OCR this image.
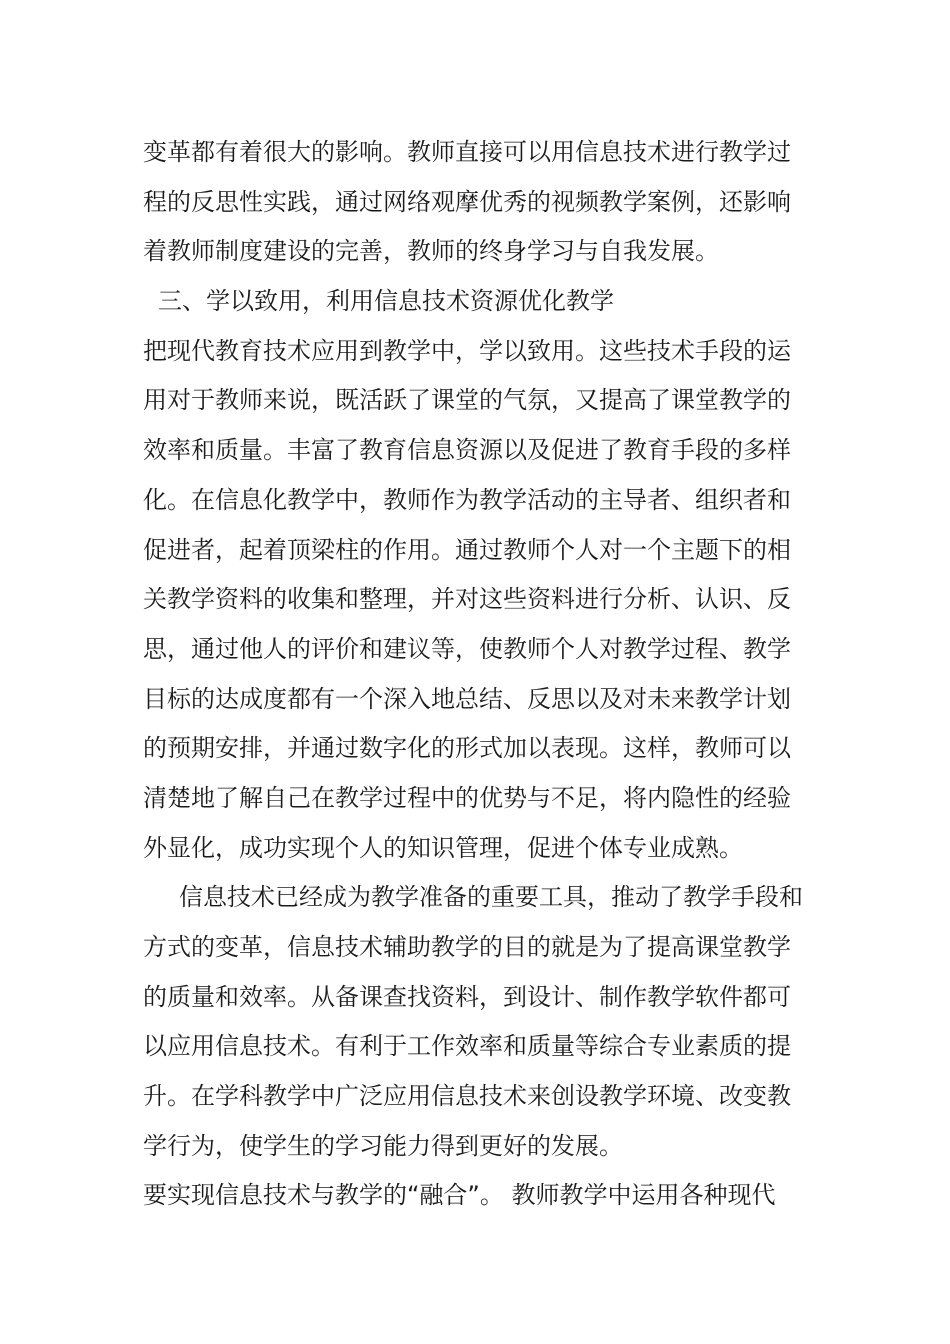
变革都有着很大的影响。教师直接可以用信息技术进行教学过
程的反思性实践，通过网络观摩优秀的视频教学案例，还影响
着教师制度建设的完善，教师的终身学习与自我发展。
三、学以致用，利用信息技术资源优化教学
把现代教育技术应用到教学中，学以致用。这些技术手段的运
用对于教师来说，既活跃了课堂的气氛，又提高了课堂教学的
效率和质量。丰富了教育信息资源以及促进了教育手段的多样
化。在信息化教学中，教师作为教学活动的主导者、组织者和
促进者，起着顶梁柱的作用。通过教师个人对一个主题下的相
关教学资料的收集和整理，并对这些资料进行分析、认识、反
思，通过他人的评价和建议等，使教师个人对教学过程、教学
目标的达成度都有一个深入地总结、反思以及对未来教学计划
的预期安排，并通过数字化的形式加以表现。这样，教师可以
清楚地了解自己在教学过程中的优势与不足，将内隐性的经验
外显化，成功实现个人的知识管理，促进个体专业成熟。
信息技术已经成为教学准备的重要工具，推动了教学手段和
方式的变革，信息技术辅助教学的目的就是为了提高课堂教学
的质量和效率。从备课查找资料，到设计、制作教学软件都可
以应用信息技术。有利于工作效率和质量等综合专业素质的提
升。在学科教学中广泛应用信息技术来创设教学环境、改变教
学行为，使学生的学习能力得到更好的发展。
要实现信息技术与教学的“融合”。 教师教学中运用各种现代
